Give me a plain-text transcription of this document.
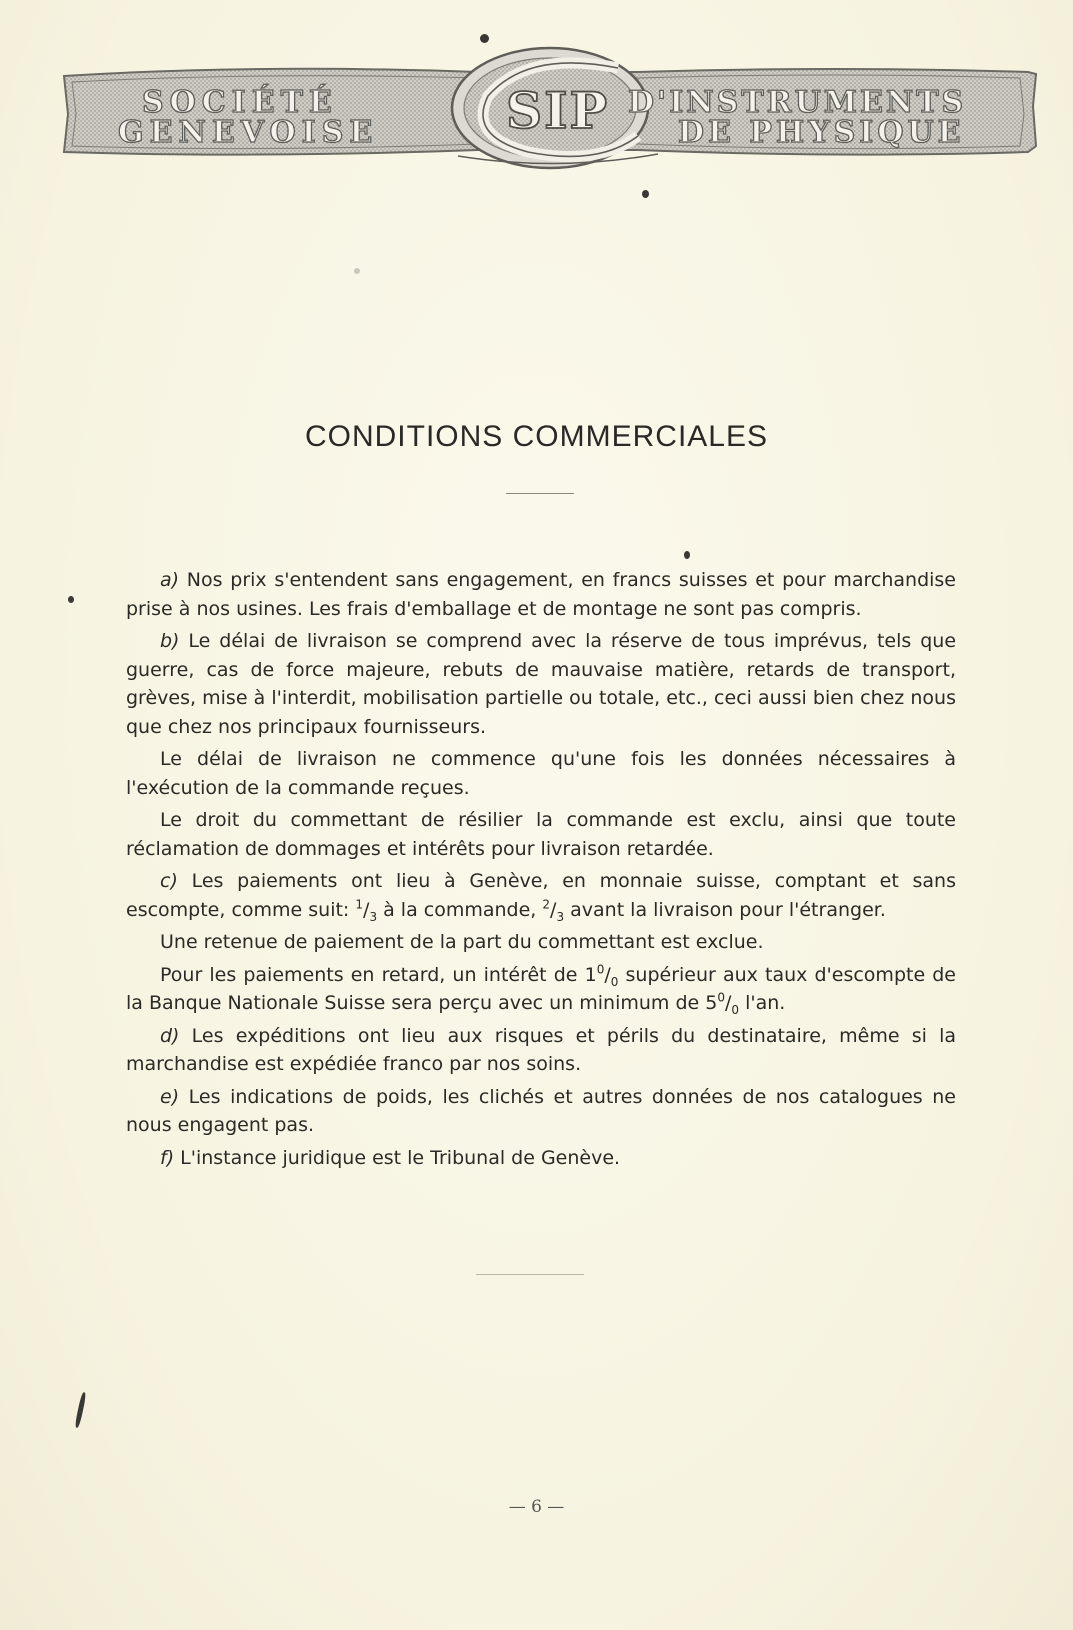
SOCIÉTÉ
GENEVOISE	SIP D'INSTRUMENTS
DE PHYSIQUE
CONDITIONS COMMERCIALES

a) Nos prix s'entendent sans engagement, en francs suisses et pour marchandise prise à nos usines. Les frais d'emballage et de montage ne sont pas compris.

b) Le délai de livraison se comprend avec la réserve de tous imprévus, tels que guerre, cas de force majeure, rebuts de mauvaise matière, retards de transport, grèves, mise à l'interdit, mobilisation partielle ou totale, etc., ceci aussi bien chez nous que chez nos principaux fournisseurs.

Le délai de livraison ne commence qu'une fois les données nécessaires à l'exécution de la commande reçues.

Le droit du commettant de résilier la commande est exclu, ainsi que toute réclamation de dommages et intérêts pour livraison retardée.

c) Les paiements ont lieu à Genève, en monnaie suisse, comptant et sans escompte, comme suit: $^1/_3$ à la commande, $^2/_3$ avant la livraison pour l'étranger.

Une retenue de paiement de la part du commettant est exclue.

Pour les paiements en retard, un intérêt de $1^0/_0$ supérieur aux taux d'escompte de la Banque Nationale Suisse sera perçu avec un minimum de $5^0/_0$ l'an.

d) Les expéditions ont lieu aux risques et périls du destinataire, même si la marchandise est expédiée franco par nos soins.

e) Les indications de poids, les clichés et autres données de nos catalogues ne nous engagent pas.

f) L'instance juridique est le Tribunal de Genève.

— 6 —
